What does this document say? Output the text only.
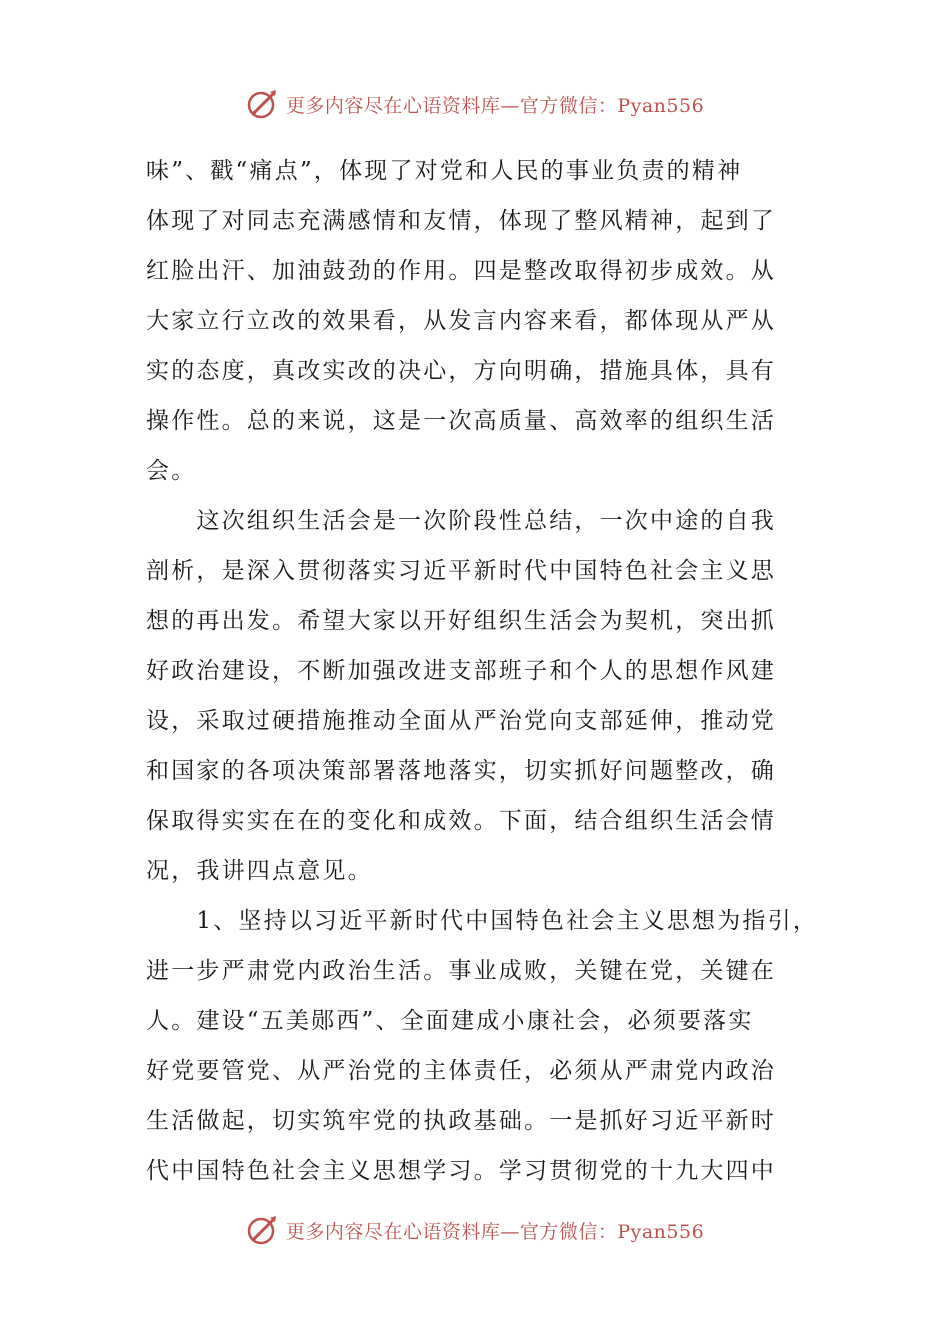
更多内容尽在心语资料库—官方微信：Pyan556
味”、戳“痛点”，体现了对党和人民的事业负责的精神
体现了对同志充满感情和友情，体现了整风精神，起到了
红脸出汗、加油鼓劲的作用。四是整改取得初步成效。从
大家立行立改的效果看，从发言内容来看，都体现从严从
实的态度，真改实改的决心，方向明确，措施具体，具有
操作性。总的来说，这是一次高质量、高效率的组织生活
会。
　　这次组织生活会是一次阶段性总结，一次中途的自我
剖析，是深入贯彻落实习近平新时代中国特色社会主义思
想的再出发。希望大家以开好组织生活会为契机，突出抓
好政治建设，不断加强改进支部班子和个人的思想作风建
设，采取过硬措施推动全面从严治党向支部延伸，推动党
和国家的各项决策部署落地落实，切实抓好问题整改，确
保取得实实在在的变化和成效。下面，结合组织生活会情
况，我讲四点意见。
　　1、坚持以习近平新时代中国特色社会主义思想为指引，
进一步严肃党内政治生活。事业成败，关键在党，关键在
人。建设“五美郧西”、全面建成小康社会，必须要落实
好党要管党、从严治党的主体责任，必须从严肃党内政治
生活做起，切实筑牢党的执政基础。一是抓好习近平新时
代中国特色社会主义思想学习。学习贯彻党的十九大四中
更多内容尽在心语资料库—官方微信：Pyan556
